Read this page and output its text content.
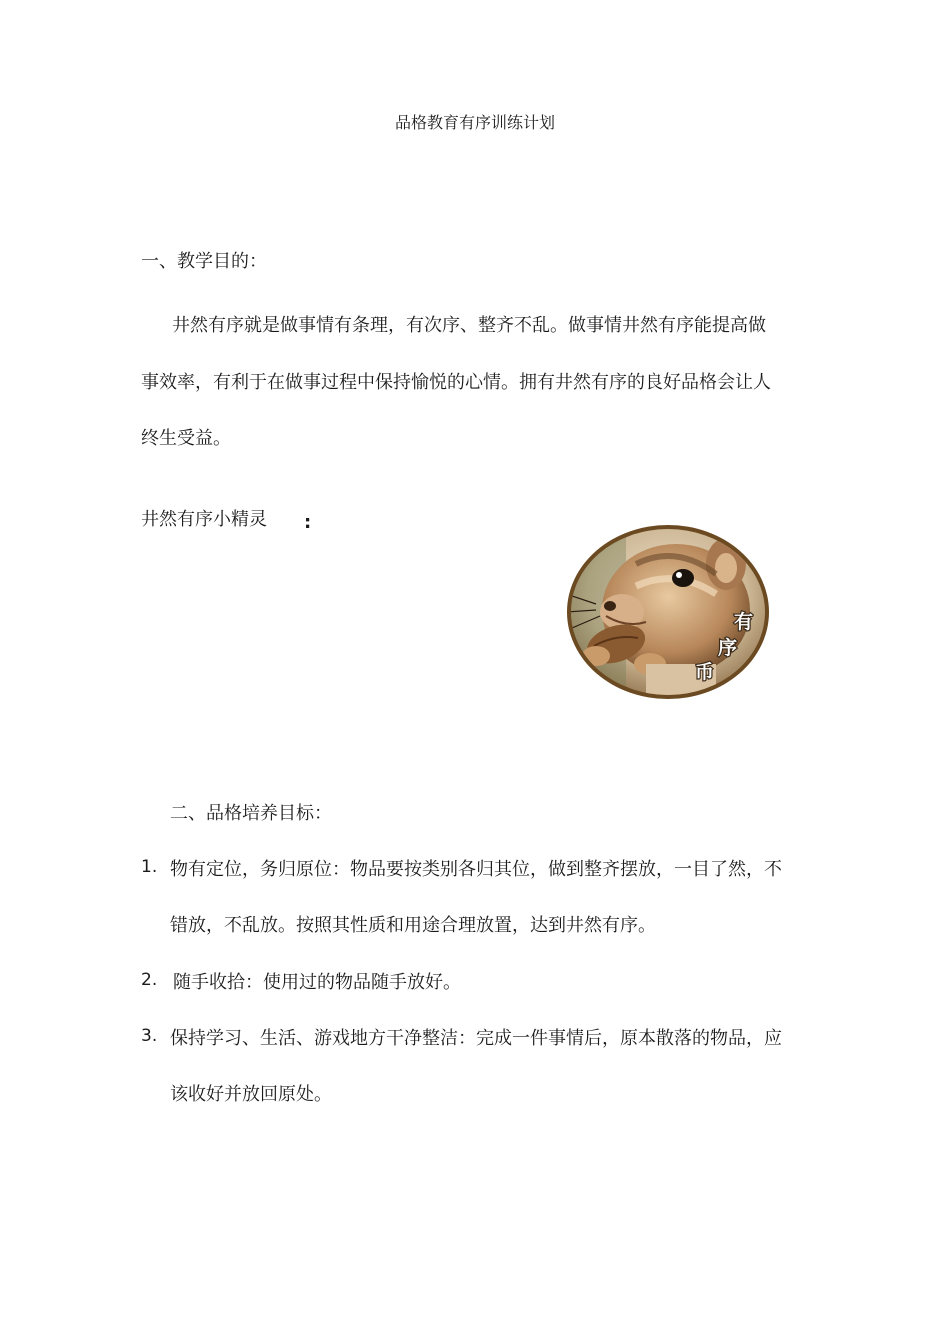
品格教育有序训练计划
一、教学目的：
井然有序就是做事情有条理，有次序、整齐不乱。做事情井然有序能提高做
事效率，有利于在做事过程中保持愉悦的心情。拥有井然有序的良好品格会让人
终生受益。
井然有序小精灵 :
有
序
币
二、品格培养目标：
1. 物有定位，务归原位：物品要按类别各归其位，做到整齐摆放，一目了然，不
错放，不乱放。按照其性质和用途合理放置，达到井然有序。
2. 随手收拾：使用过的物品随手放好。
3. 保持学习、生活、游戏地方干净整洁：完成一件事情后，原本散落的物品，应
该收好并放回原处。
